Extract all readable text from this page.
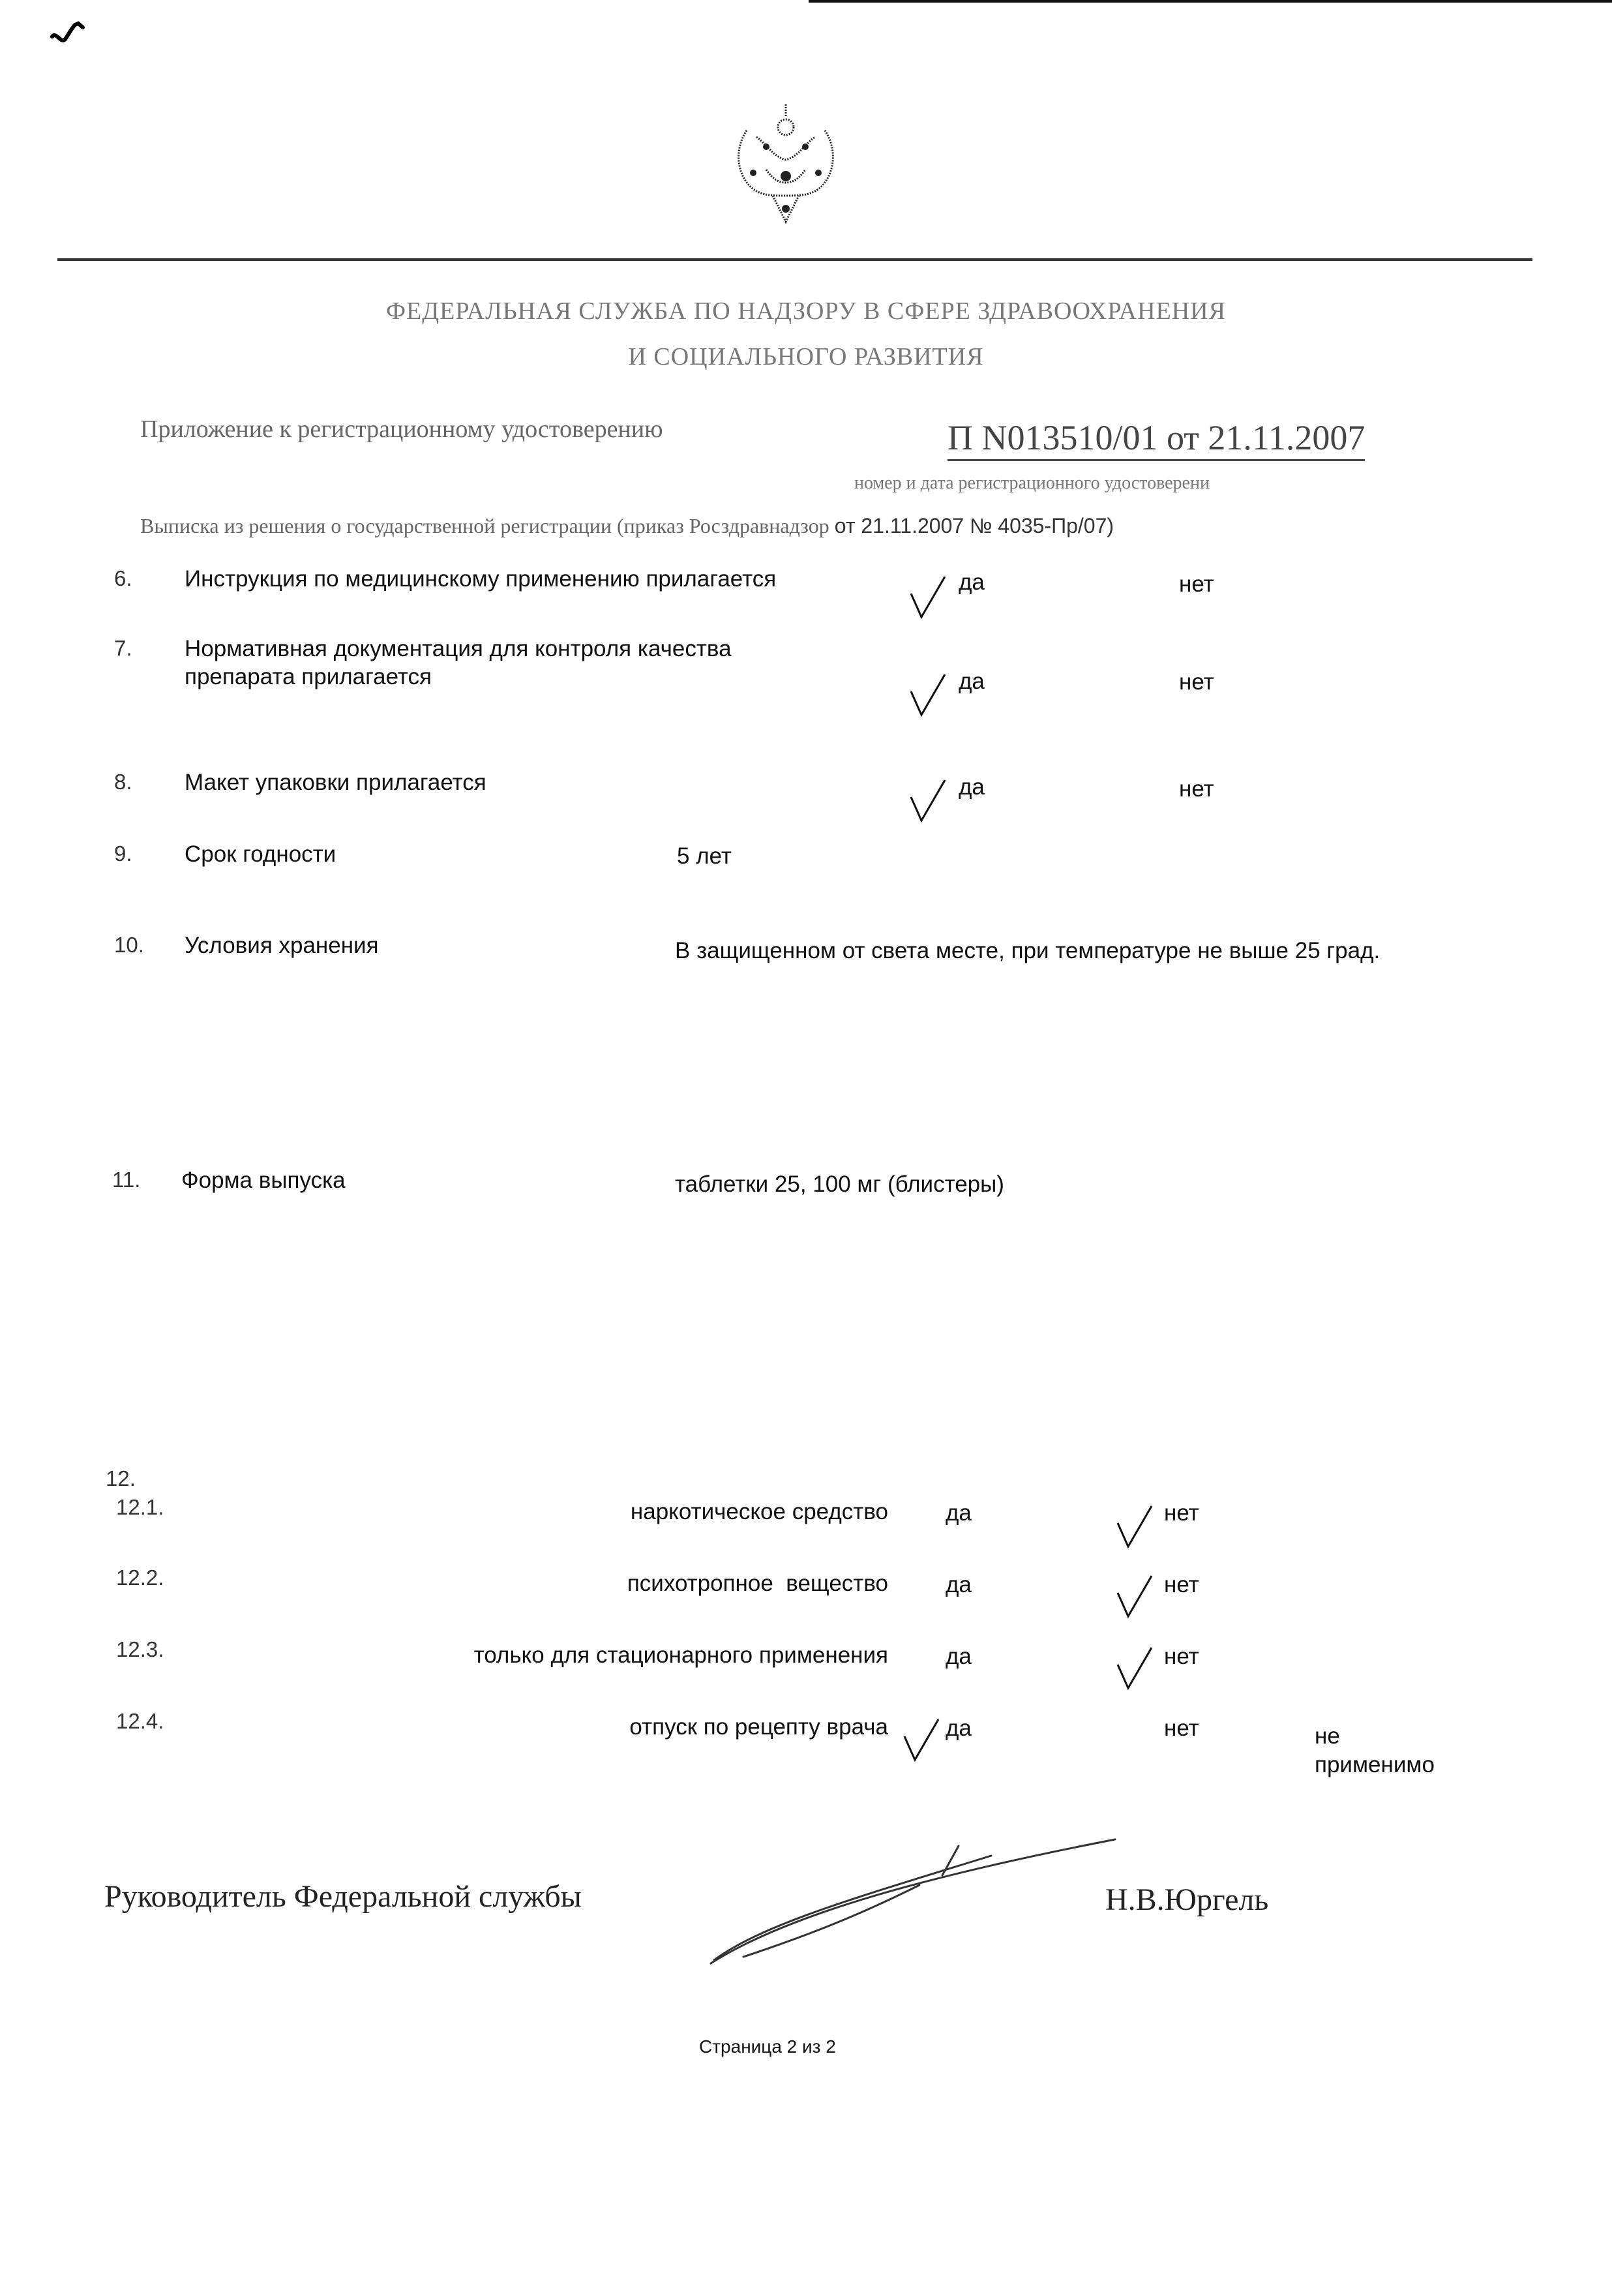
ФЕДЕРАЛЬНАЯ СЛУЖБА ПО НАДЗОРУ В СФЕРЕ ЗДРАВООХРАНЕНИЯ
И СОЦИАЛЬНОГО РАЗВИТИЯ
Приложение к регистрационному удостоверению	П N013510/01 от 21.11.2007
номер и дата регистрационного удостоверени
Выписка из решения о государственной регистрации (приказ Росздравнадзор от 21.11.2007 № 4035-Пр/07)
6. Инструкция по медицинскому применению прилагается	да	нет
7. Нормативная документация для контроля качества
препарата прилагается	да	нет
8. Макет упаковки прилагается	да	нет
9. Срок годности	5 лет
10. Условия хранения	В защищенном от света месте, при температуре не выше 25 град.
11. Форма выпуска	таблетки 25, 100 мг (блистеры)
12.
12.1.	наркотическое средство	да	нет
12.2.	психотропное  вещество	да	нет
12.3.	только для стационарного применения	да	нет
12.4.	отпуск по рецепту врача	да	нет	не
применимо
Руководитель Федеральной службы	Н.В.Юргель
Страница 2 из 2
